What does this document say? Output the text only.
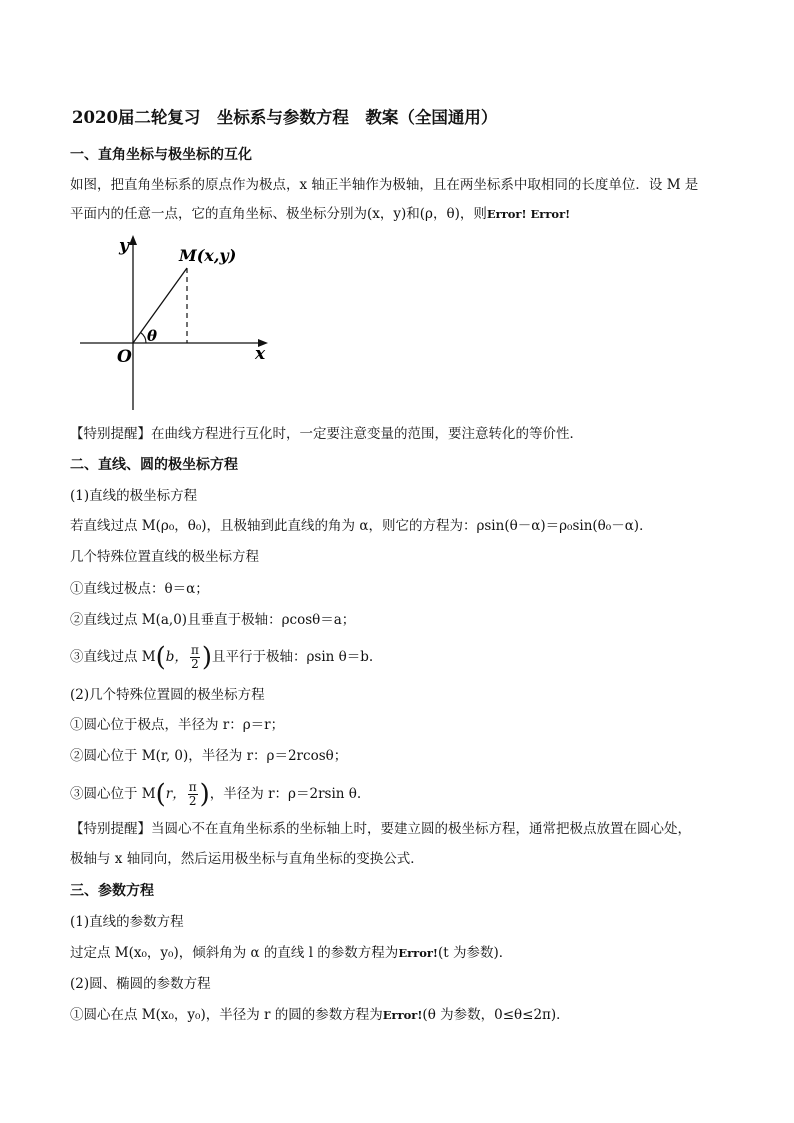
2020届二轮复习　坐标系与参数方程　教案（全国通用）
一、直角坐标与极坐标的互化
如图，把直角坐标系的原点作为极点，x 轴正半轴作为极轴，且在两坐标系中取相同的长度单位．设 M 是
平面内的任意一点，它的直角坐标、极坐标分别为(x，y)和(ρ，θ)，则Error! Error!
y
x
O
M(x,y)
θ
【特别提醒】在曲线方程进行互化时，一定要注意变量的范围，要注意转化的等价性．
二、直线、圆的极坐标方程
(1)直线的极坐标方程
若直线过点 M(ρ₀，θ₀)，且极轴到此直线的角为 α，则它的方程为：ρsin(θ－α)＝ρ₀sin(θ₀－α)．
几个特殊位置直线的极坐标方程
①直线过极点：θ＝α；
②直线过点 M(a,0)且垂直于极轴：ρcosθ＝a；
③直线过点 M(b， $\frac{\pi}{2}$ )且平行于极轴：ρsin θ＝b.
(2)几个特殊位置圆的极坐标方程
①圆心位于极点，半径为 r：ρ＝r；
②圆心位于 M(r, 0)，半径为 r：ρ＝2rcosθ；
③圆心位于 M(r， $\frac{\pi}{2}$ )，半径为 r：ρ＝2rsin θ.
【特别提醒】当圆心不在直角坐标系的坐标轴上时，要建立圆的极坐标方程，通常把极点放置在圆心处，
极轴与 x 轴同向，然后运用极坐标与直角坐标的变换公式．
三、参数方程
(1)直线的参数方程
过定点 M(x₀，y₀)，倾斜角为 α 的直线 l 的参数方程为Error!(t 为参数)．
(2)圆、椭圆的参数方程
①圆心在点 M(x₀，y₀)，半径为 r 的圆的参数方程为Error!(θ 为参数，0≤θ≤2π)．
